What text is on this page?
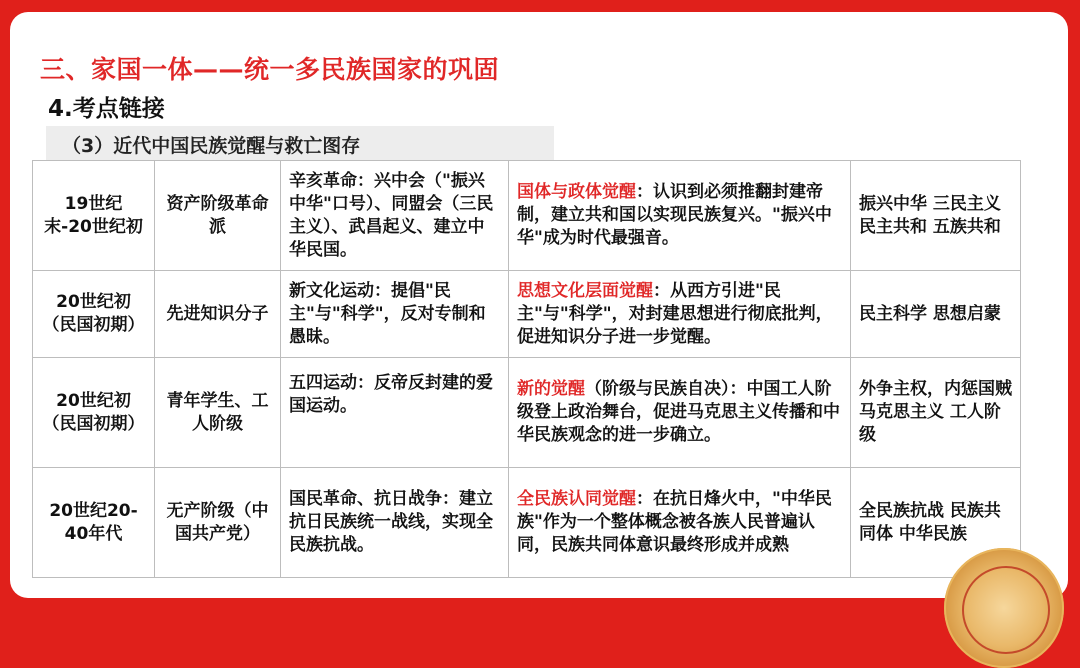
三、家国一体——统一多民族国家的巩固
4.考点链接
（3）近代中国民族觉醒与救亡图存
19世纪末-20世纪初	资产阶级革命派	辛亥革命：兴中会（"振兴中华"口号）、同盟会（三民主义）、武昌起义、建立中华民国。	国体与政体觉醒：认识到必须推翻封建帝制，建立共和国以实现民族复兴。"振兴中华"成为时代最强音。	振兴中华 三民主义 民主共和 五族共和
20世纪初（民国初期）	先进知识分子	新文化运动：提倡"民主"与"科学"，反对专制和愚昧。	思想文化层面觉醒：从西方引进"民主"与"科学"，对封建思想进行彻底批判，促进知识分子进一步觉醒。	民主科学 思想启蒙
20世纪初（民国初期）	青年学生、工人阶级	五四运动：反帝反封建的爱国运动。	新的觉醒（阶级与民族自决）：中国工人阶级登上政治舞台，促进马克思主义传播和中华民族观念的进一步确立。	外争主权，内惩国贼 马克思主义 工人阶级
20世纪20-40年代	无产阶级（中国共产党）	国民革命、抗日战争：建立抗日民族统一战线，实现全民族抗战。	全民族认同觉醒：在抗日烽火中，"中华民族"作为一个整体概念被各族人民普遍认同，民族共同体意识最终形成并成熟	全民族抗战 民族共同体 中华民族
